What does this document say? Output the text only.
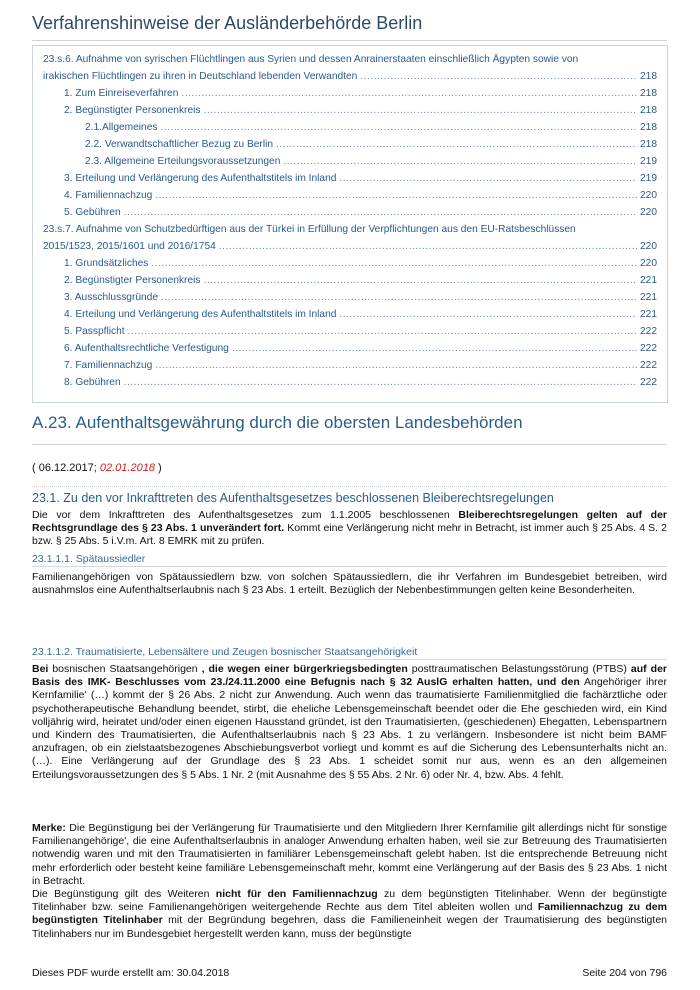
Verfahrenshinweise der Ausländerbehörde Berlin
23.s.6. Aufnahme von syrischen Flüchtlingen aus Syrien und dessen Anrainerstaaten einschließlich Ägypten sowie von
irakischen Flüchtlingen zu ihren in Deutschland lebenden Verwandten .....	218
1. Zum Einreiseverfahren .....	218
2. Begünstigter Personenkreis .....	218
2.1.Allgemeines .....	218
2.2. Verwandtschaftlicher Bezug zu Berlin .....	218
2.3. Allgemeine Erteilungsvoraussetzungen .....	219
3. Erteilung und Verlängerung des Aufenthaltstitels im Inland .....	219
4. Familiennachzug .....	220
5. Gebühren .....	220
23.s.7. Aufnahme von Schutzbedürftigen aus der Türkei in Erfüllung der Verpflichtungen aus den EU-Ratsbeschlüssen
2015/1523, 2015/1601 und 2016/1754 .....	220
1. Grundsätzliches .....	220
2. Begünstigter Personenkreis .....	221
3. Ausschlussgründe .....	221
4. Erteilung und Verlängerung des Aufenthaltstitels im Inland .....	221
5. Passpflicht .....	222
6. Aufenthaltsrechtliche Verfestigung .....	222
7. Familiennachzug .....	222
8. Gebühren .....	222
A.23. Aufenthaltsgewährung durch die obersten Landesbehörden
( 06.12.2017; 02.01.2018 )
23.1. Zu den vor Inkrafttreten des Aufenthaltsgesetzes beschlossenen Bleiberechtsregelungen
Die vor dem Inkrafttreten des Aufenthaltsgesetzes zum 1.1.2005 beschlossenen Bleiberechtsregelungen gelten auf der Rechtsgrundlage des § 23 Abs. 1 unverändert fort. Kommt eine Verlängerung nicht mehr in Betracht, ist immer auch § 25 Abs. 4 S. 2 bzw. § 25 Abs. 5 i.V.m. Art. 8 EMRK mit zu prüfen.
23.1.1.1. Spätaussiedler
Familienangehörigen von Spätaussiedlern bzw. von solchen Spätaussiedlern, die ihr Verfahren im Bundesgebiet betreiben, wird ausnahmslos eine Aufenthaltserlaubnis nach § 23 Abs. 1 erteilt. Bezüglich der Nebenbestimmungen gelten keine Besonderheiten.
23.1.1.2. Traumatisierte, Lebensältere und Zeugen bosnischer Staatsangehörigkeit
Bei bosnischen Staatsangehörigen , die wegen einer bürgerkriegsbedingten posttraumatischen Belastungsstörung (PTBS) auf der Basis des IMK- Beschlusses vom 23./24.11.2000 eine Befugnis nach § 32 AuslG erhalten hatten, und den Angehöriger ihrer Kernfamilie' (…) kommt der § 26 Abs. 2 nicht zur Anwendung. Auch wenn das traumatisierte Familienmitglied die fachärztliche oder psychotherapeutische Behandlung beendet, stirbt, die eheliche Lebensgemeinschaft beendet oder die Ehe geschieden wird, ein Kind volljährig wird, heiratet und/oder einen eigenen Hausstand gründet, ist den Traumatisierten, (geschiedenen) Ehegatten, Lebenspartnern und Kindern des Traumatisierten, die Aufenthaltserlaubnis nach § 23 Abs. 1 zu verlängern. Insbesondere ist nicht beim BAMF anzufragen, ob ein zielstaatsbezogenes Abschiebungsverbot vorliegt und kommt es auf die Sicherung des Lebensunterhalts nicht an. (…). Eine Verlängerung auf der Grundlage des § 23 Abs. 1 scheidet somit nur aus, wenn es an den allgemeinen Erteilungsvoraussetzungen des § 5 Abs. 1 Nr. 2 (mit Ausnahme des § 55 Abs. 2 Nr. 6) oder Nr. 4, bzw. Abs. 4 fehlt.
Merke: Die Begünstigung bei der Verlängerung für Traumatisierte und den Mitgliedern Ihrer Kernfamilie gilt allerdings nicht für sonstige Familienangehörige', die eine Aufenthaltserlaubnis in analoger Anwendung erhalten haben, weil sie zur Betreuung des Traumatisierten notwendig waren und mit den Traumatisierten in familiärer Lebensgemeinschaft gelebt haben. Ist die entsprechende Betreuung nicht mehr erforderlich oder besteht keine familiäre Lebensgemeinschaft mehr, kommt eine Verlängerung auf der Basis des § 23 Abs. 1 nicht in Betracht.
Die Begünstigung gilt des Weiteren nicht für den Familiennachzug zu dem begünstigten Titelinhaber. Wenn der begünstigte Titelinhaber bzw. seine Familienangehörigen weitergehende Rechte aus dem Titel ableiten wollen und Familiennachzug zu dem begünstigten Titelinhaber mit der Begründung begehren, dass die Familieneinheit wegen der Traumatisierung des begünstigten Titelinhabers nur im Bundesgebiet hergestellt werden kann, muss der begünstigte
Dieses PDF wurde erstellt am: 30.04.2018	Seite 204 von 796
